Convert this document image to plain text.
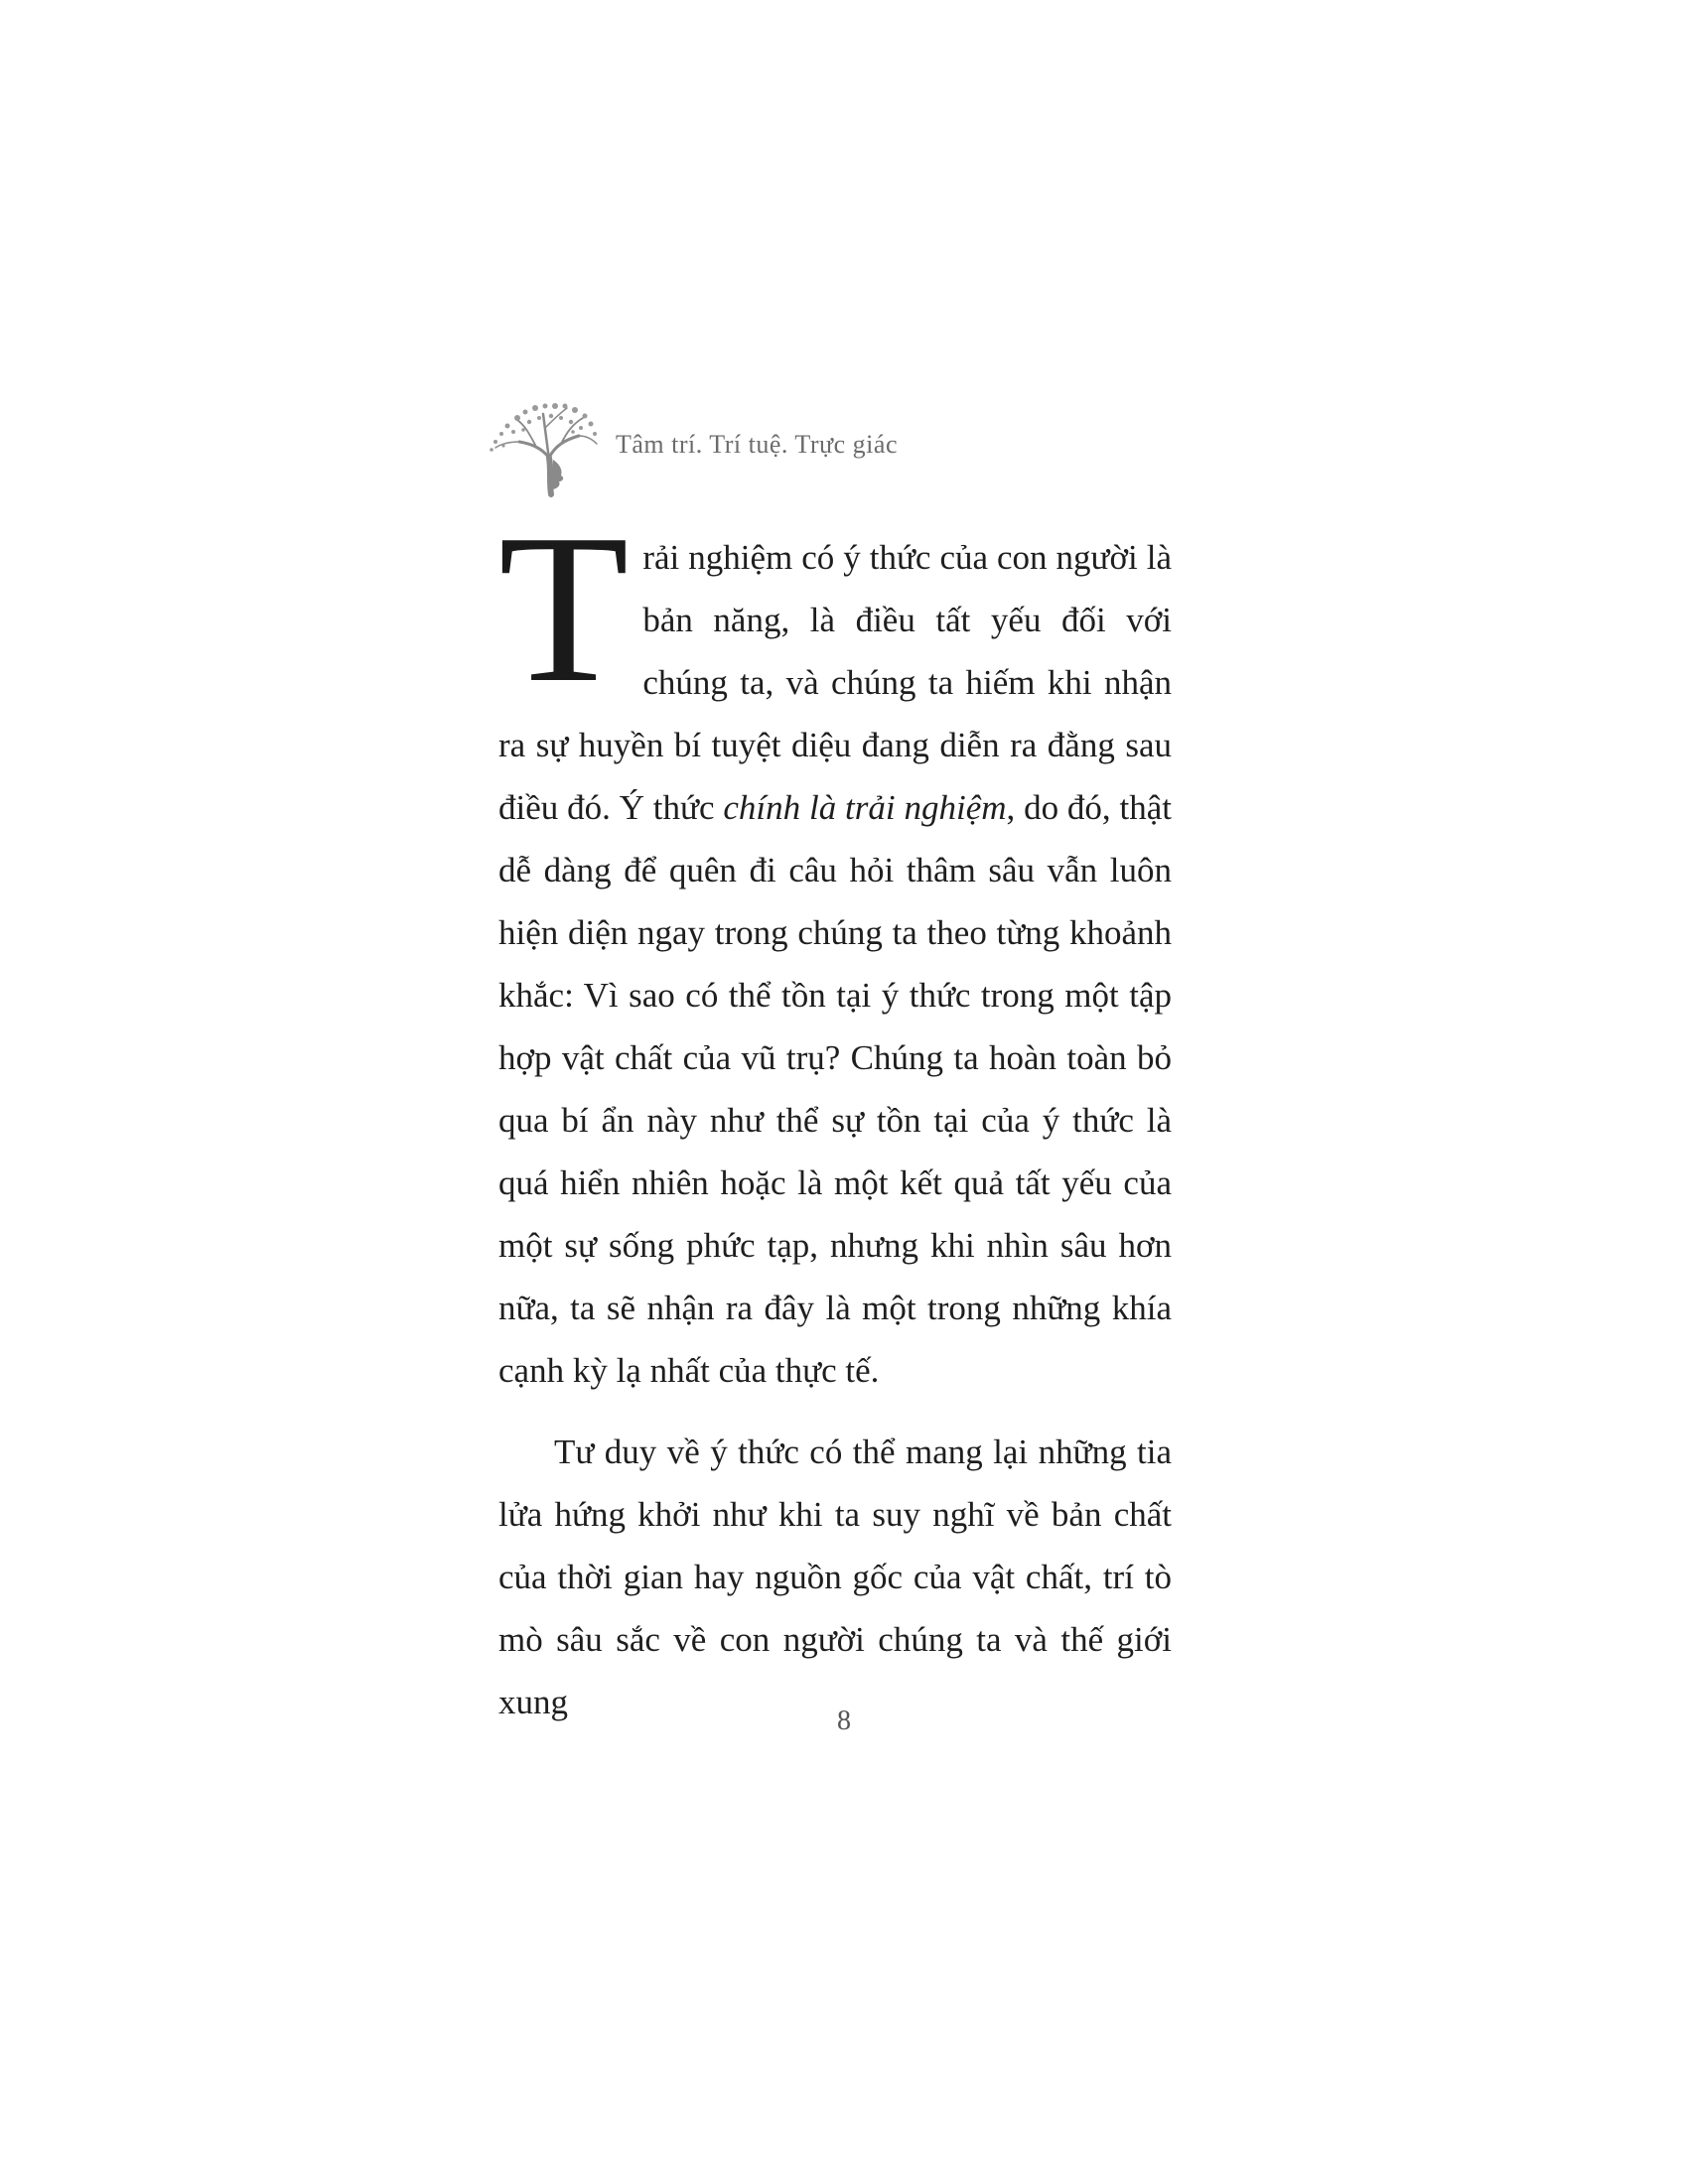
Tâm trí. Trí tuệ. Trực giác

Trải nghiệm có ý thức của con người là bản năng, là điều tất yếu đối với chúng ta, và chúng ta hiếm khi nhận ra sự huyền bí tuyệt diệu đang diễn ra đằng sau điều đó. Ý thức chính là trải nghiệm, do đó, thật dễ dàng để quên đi câu hỏi thâm sâu vẫn luôn hiện diện ngay trong chúng ta theo từng khoảnh khắc: Vì sao có thể tồn tại ý thức trong một tập hợp vật chất của vũ trụ? Chúng ta hoàn toàn bỏ qua bí ẩn này như thể sự tồn tại của ý thức là quá hiển nhiên hoặc là một kết quả tất yếu của một sự sống phức tạp, nhưng khi nhìn sâu hơn nữa, ta sẽ nhận ra đây là một trong những khía cạnh kỳ lạ nhất của thực tế.

Tư duy về ý thức có thể mang lại những tia lửa hứng khởi như khi ta suy nghĩ về bản chất của thời gian hay nguồn gốc của vật chất, trí tò mò sâu sắc về con người chúng ta và thế giới xung	8
